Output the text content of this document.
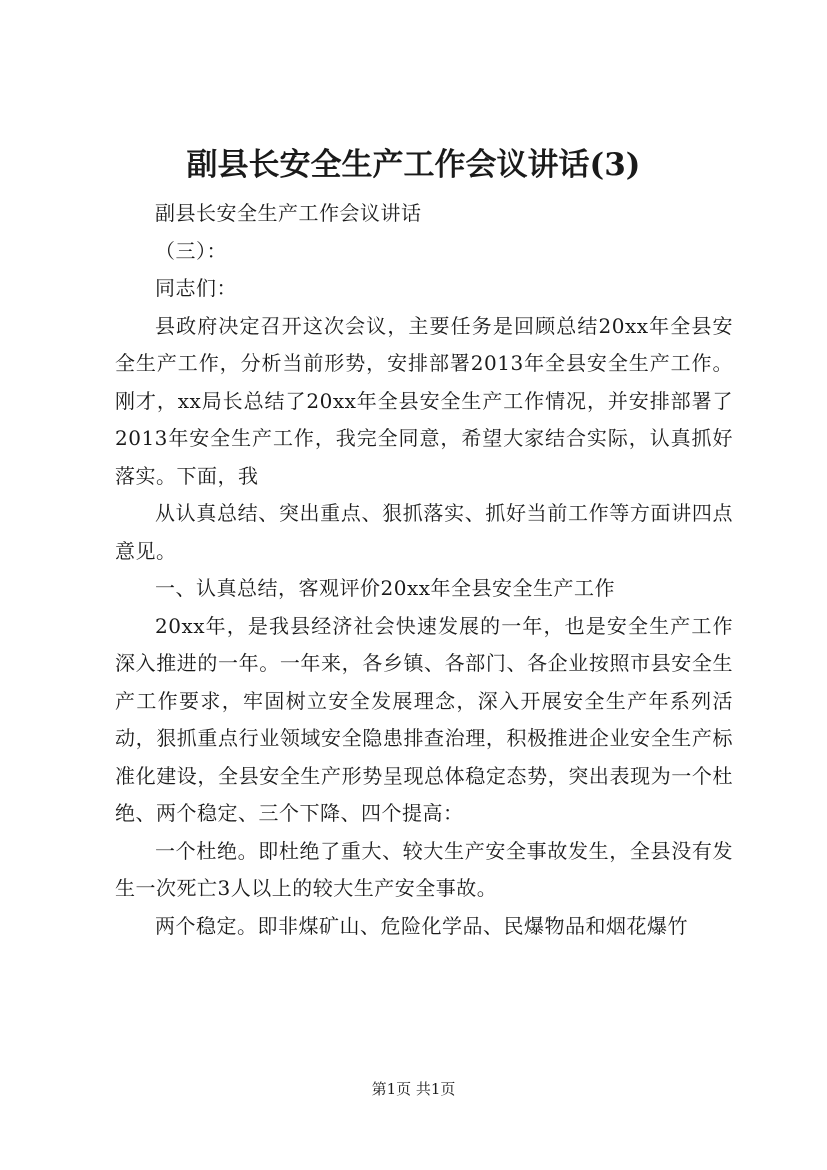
副县长安全生产工作会议讲话(3)

副县长安全生产工作会议讲话

（三）：

同志们：

县政府决定召开这次会议，主要任务是回顾总结20xx年全县安全生产工作，分析当前形势，安排部署2013年全县安全生产工作。刚才，xx局长总结了20xx年全县安全生产工作情况，并安排部署了2013年安全生产工作，我完全同意，希望大家结合实际，认真抓好落实。下面，我

从认真总结、突出重点、狠抓落实、抓好当前工作等方面讲四点意见。

一、认真总结，客观评价20xx年全县安全生产工作

20xx年，是我县经济社会快速发展的一年，也是安全生产工作深入推进的一年。一年来，各乡镇、各部门、各企业按照市县安全生产工作要求，牢固树立安全发展理念，深入开展安全生产年系列活动，狠抓重点行业领域安全隐患排查治理，积极推进企业安全生产标准化建设，全县安全生产形势呈现总体稳定态势，突出表现为一个杜绝、两个稳定、三个下降、四个提高：

一个杜绝。即杜绝了重大、较大生产安全事故发生，全县没有发生一次死亡3人以上的较大生产安全事故。

两个稳定。即非煤矿山、危险化学品、民爆物品和烟花爆竹

第1页 共1页
